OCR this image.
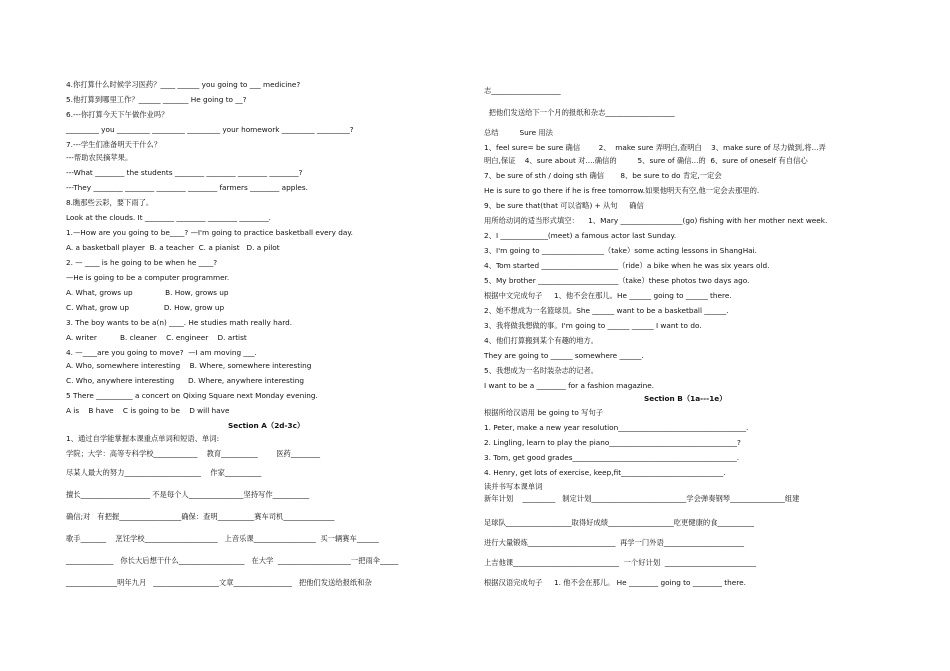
4.你打算什么时候学习医药？____ ______ you going to ___ medicine?
5.他打算到哪里工作？______ _______ He going to __?
6.---你打算今天下午做作业吗？
_________ you _________ _________ _________ your homework _________ _________?
7.---学生们准备明天干什么？
---帮助农民摘苹果。
---What ________ the students ________ ________ ________ ________?
---They ________ ________ ________ ________ farmers ________ apples.
8.瞧那些云彩，要下雨了。
Look at the clouds. It ________ ________ ________ ________.
1.—How are you going to be____? —I'm going to practice basketball every day.
A. a basketball player  B. a teacher  C. a pianist   D. a pilot
2. — ____ is he going to be when he ____?
—He is going to be a computer programmer.
A. What, grows up              B. How, grows up
C. What, grow up               D. How, grow up
3. The boy wants to be a(n) ____. He studies math really hard.
A. writer          B. cleaner    C. engineer    D. artist
4. —____are you going to move?  —I am moving ___.
A. Who, somewhere interesting    B. Where, somewhere interesting
C. Who, anywhere interesting      D. Where, anywhere interesting
5 There __________ a concert on Qixing Square next Monday evening.
A is    B have    C is going to be    D will have
Section A（2d-3c）
1、通过自学能掌握本课重点单词和短语、单词:
学院；大学：高等专科学校____________    教育__________        医药________
尽某人最大的努力_____________________    作家__________
擅长___________________ 不是每个人_______________坚持写作__________
确信;对   有把握_________________确保：查明__________赛车司机______________
歌手_______    烹饪学校____________________   上音乐课_________________  买一辆赛车______
_____________   你长大后想干什么__________________   在大学  ____________________一把雨伞_____
______________明年九月   __________________文章________________   把他们发送给报纸和杂
志___________________
把他们发送给下一个月的报纸和杂志___________________
总结         Sure 用法
1、feel sure= be sure 确信        2、  make sure 弄明白,查明白    3、make sure of 尽力做到,将...弄
明白,保证    4、sure about 对....确信的         5、sure of 确信...的  6、sure of oneself 有自信心
7、be sure of sth / doing sth 确信       8、be sure to do 肯定,一定会
He is sure to go there if he is free tomorrow.如果他明天有空,他一定会去那里的.
9、be sure that(that 可以省略) + 从句     确信
用所给动词的适当形式填空：    1、Mary _________________(go) fishing with her mother next week.
2、I _____________(meet) a famous actor last Sunday.
3、I'm going to _________________（take）some acting lessons in ShangHai.
4、Tom started _____________________（ride）a bike when he was six years old.
5、My brother ______________________（take）these photos two days ago.
根据中文完成句子     1、他不会在那儿。He ______ going to ______ there.
2、她不想成为一名篮球员。She ______ want to be a basketball ______.
3、我将做我想做的事。I'm going to ______ ______ I want to do.
4、他们打算搬到某个有趣的地方。
They are going to ______ somewhere ______.
5、我想成为一名时装杂志的记者。
I want to be a ________ for a fashion magazine.
Section B（1a---1e）
根据所给汉语用 be going to 写句子
1. Peter, make a new year resolution___________________________________.
2. Lingling, learn to play the piano___________________________________?
3. Tom, get good grades_____________________________________________.
4. Henry, get lots of exercise, keep,fit____________________________.
读并书写本课单词
新年计划    _________   制定计划__________________________学会弹奏钢琴_______________组建
足球队__________________取得好成绩__________________吃更健康的食__________
进行大量锻炼________________________  再学一门外语______________________
上吉他课_____________________________  一个好计划  _________________________
根据汉语完成句子     1. 他不会在那儿。 He ________ going to ________ there.
